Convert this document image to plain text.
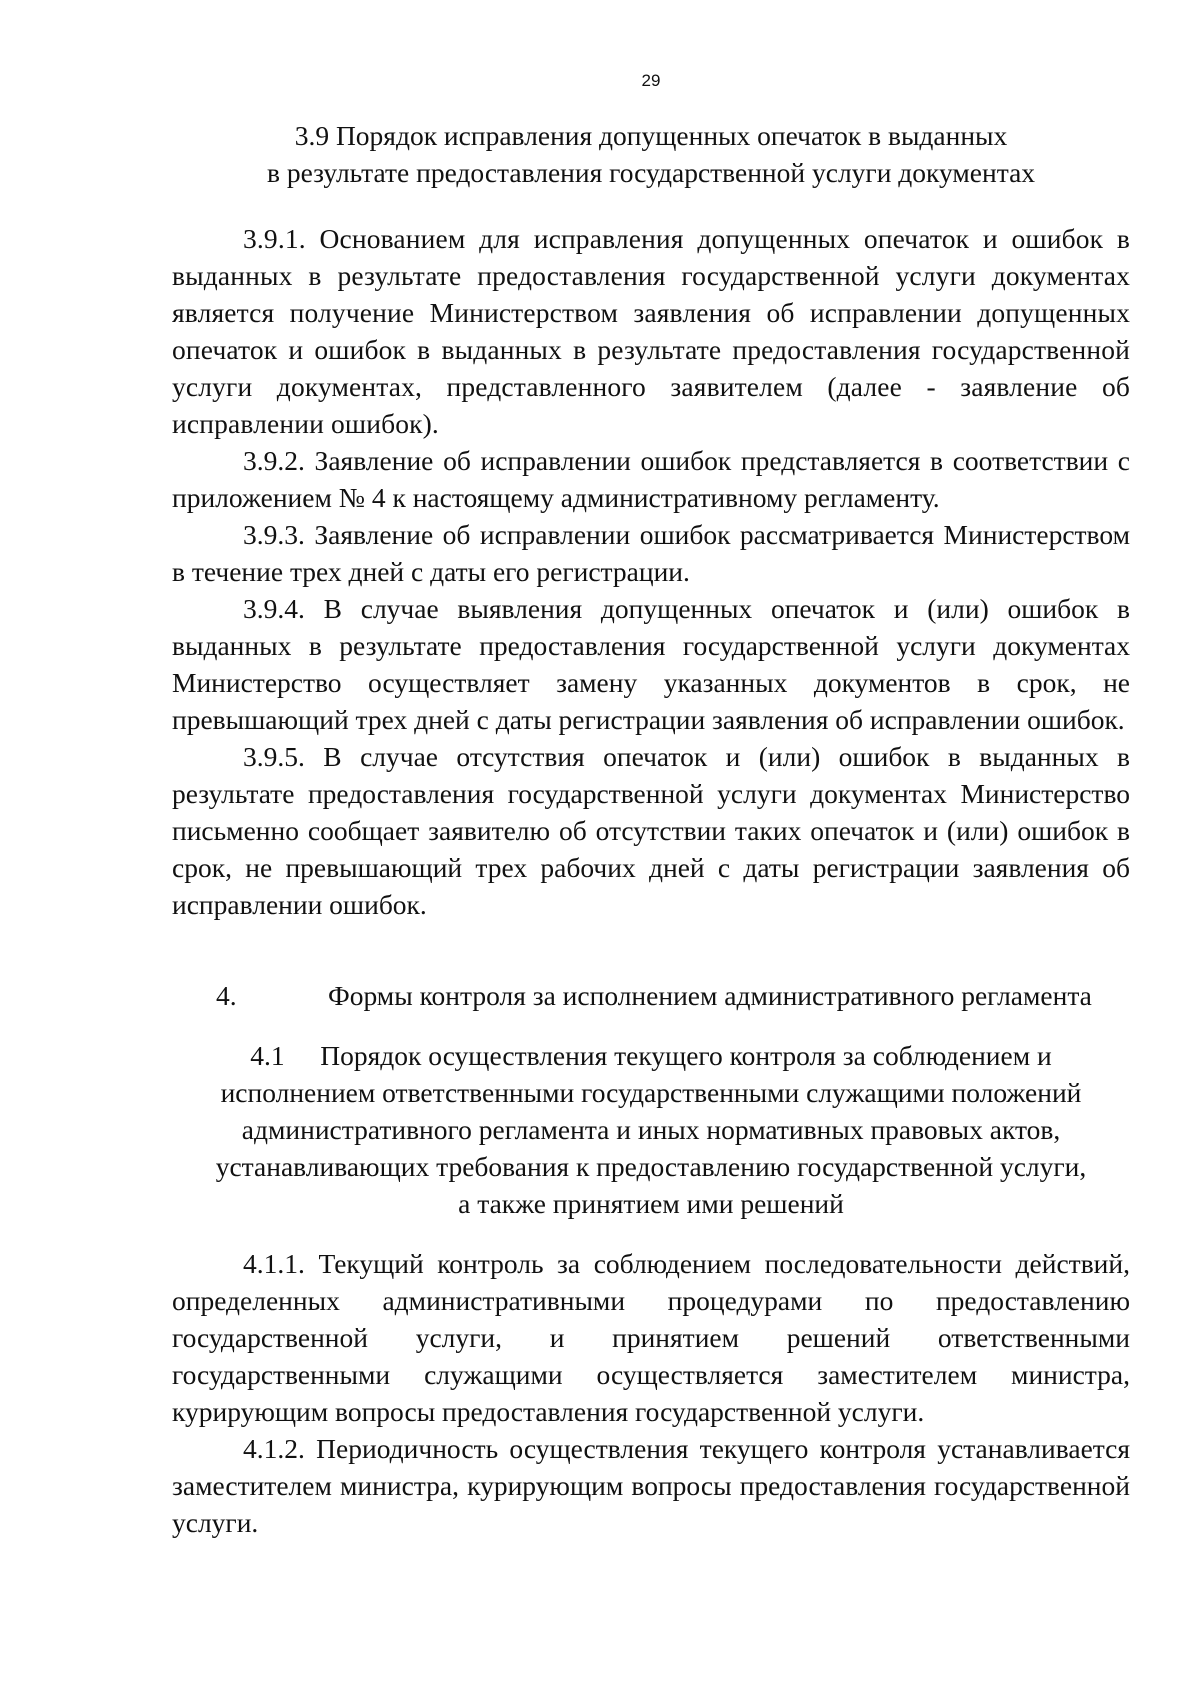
29
3.9 Порядок исправления допущенных опечаток в выданных
в результате предоставления государственной услуги документах

3.9.1. Основанием для исправления допущенных опечаток и ошибок в выданных в результате предоставления государственной услуги документах является получение Министерством заявления об исправлении допущенных опечаток и ошибок в выданных в результате предоставления государственной услуги документах, представленного заявителем (далее - заявление об исправлении ошибок).

3.9.2. Заявление об исправлении ошибок представляется в соответствии с приложением № 4 к настоящему административному регламенту.

3.9.3. Заявление об исправлении ошибок рассматривается Министерством в течение трех дней с даты его регистрации.

3.9.4. В случае выявления допущенных опечаток и (или) ошибок в выданных в результате предоставления государственной услуги документах Министерство осуществляет замену указанных документов в срок, не превышающий трех дней с даты регистрации заявления об исправлении ошибок.

3.9.5. В случае отсутствия опечаток и (или) ошибок в выданных в результате предоставления государственной услуги документах Министерство письменно сообщает заявителю об отсутствии таких опечаток и (или) ошибок в срок, не превышающий трех рабочих дней с даты регистрации заявления об исправлении ошибок.

4.	Формы контроля за исполнением административного регламента
4.1 Порядок осуществления текущего контроля за соблюдением и
исполнением ответственными государственными служащими положений
административного регламента и иных нормативных правовых актов,
устанавливающих требования к предоставлению государственной услуги,
а также принятием ими решений

4.1.1. Текущий контроль за соблюдением последовательности действий, определенных административными процедурами по предоставлению государственной услуги, и принятием решений ответственными государственными служащими осуществляется заместителем министра, курирующим вопросы предоставления государственной услуги.

4.1.2. Периодичность осуществления текущего контроля устанавливается заместителем министра, курирующим вопросы предоставления государственной услуги.
